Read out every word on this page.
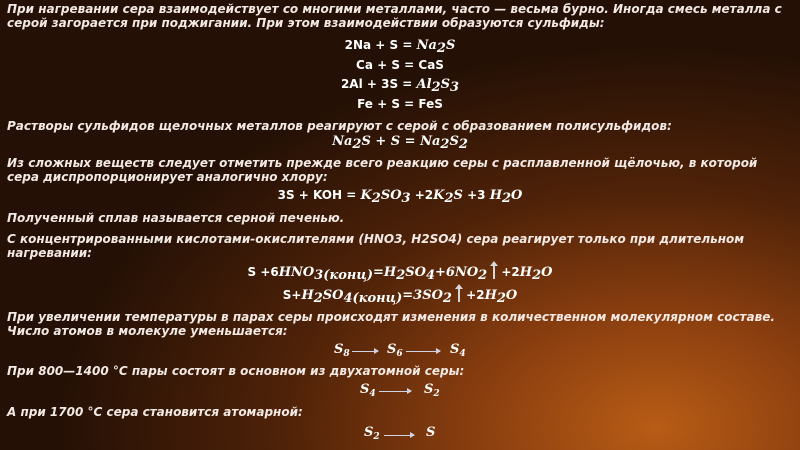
При нагревании сера взаимодействует со многими металлами, часто — весьма бурно. Иногда смесь металла с серой загорается при поджигании. При этом взаимодействии образуются сульфиды:
$2Na + S = Na_2S$
Ca + S = CaS
$2Al + 3S = Al_2S_3$
Fe + S = FeS
Растворы сульфидов щелочных металлов реагируют с серой с образованием полисульфидов:
$Na_2S + S = Na_2S_2$
Из сложных веществ следует отметить прежде всего реакцию серы с расплавленной щёлочью, в которой сера диспропорционирует аналогично хлору:
3S + KOH = $K_2SO_3 +2K_2S +3$ $H_2O$
Полученный сплав называется серной печенью.
С концентрированными кислотами-окислителями (HNO3, H2SO4) сера реагирует только при длительном нагревании:
$S +6HNO_{3(конц)}=H_2SO_4+6NO_2 +2H_2O$
$S+H_2SO_{4(конц)}=3SO_2 +2H_2O$
При увеличении температуры в парах серы происходят изменения в количественном молекулярном составе. Число атомов в молекуле уменьшается:
$S_8 \to S_6 \to S_4$
При 800—1400 °С пары состоят в основном из двухатомной серы:
$S_4 \to S_2$
А при 1700 °С сера становится атомарной:
$S_2 \to S$
